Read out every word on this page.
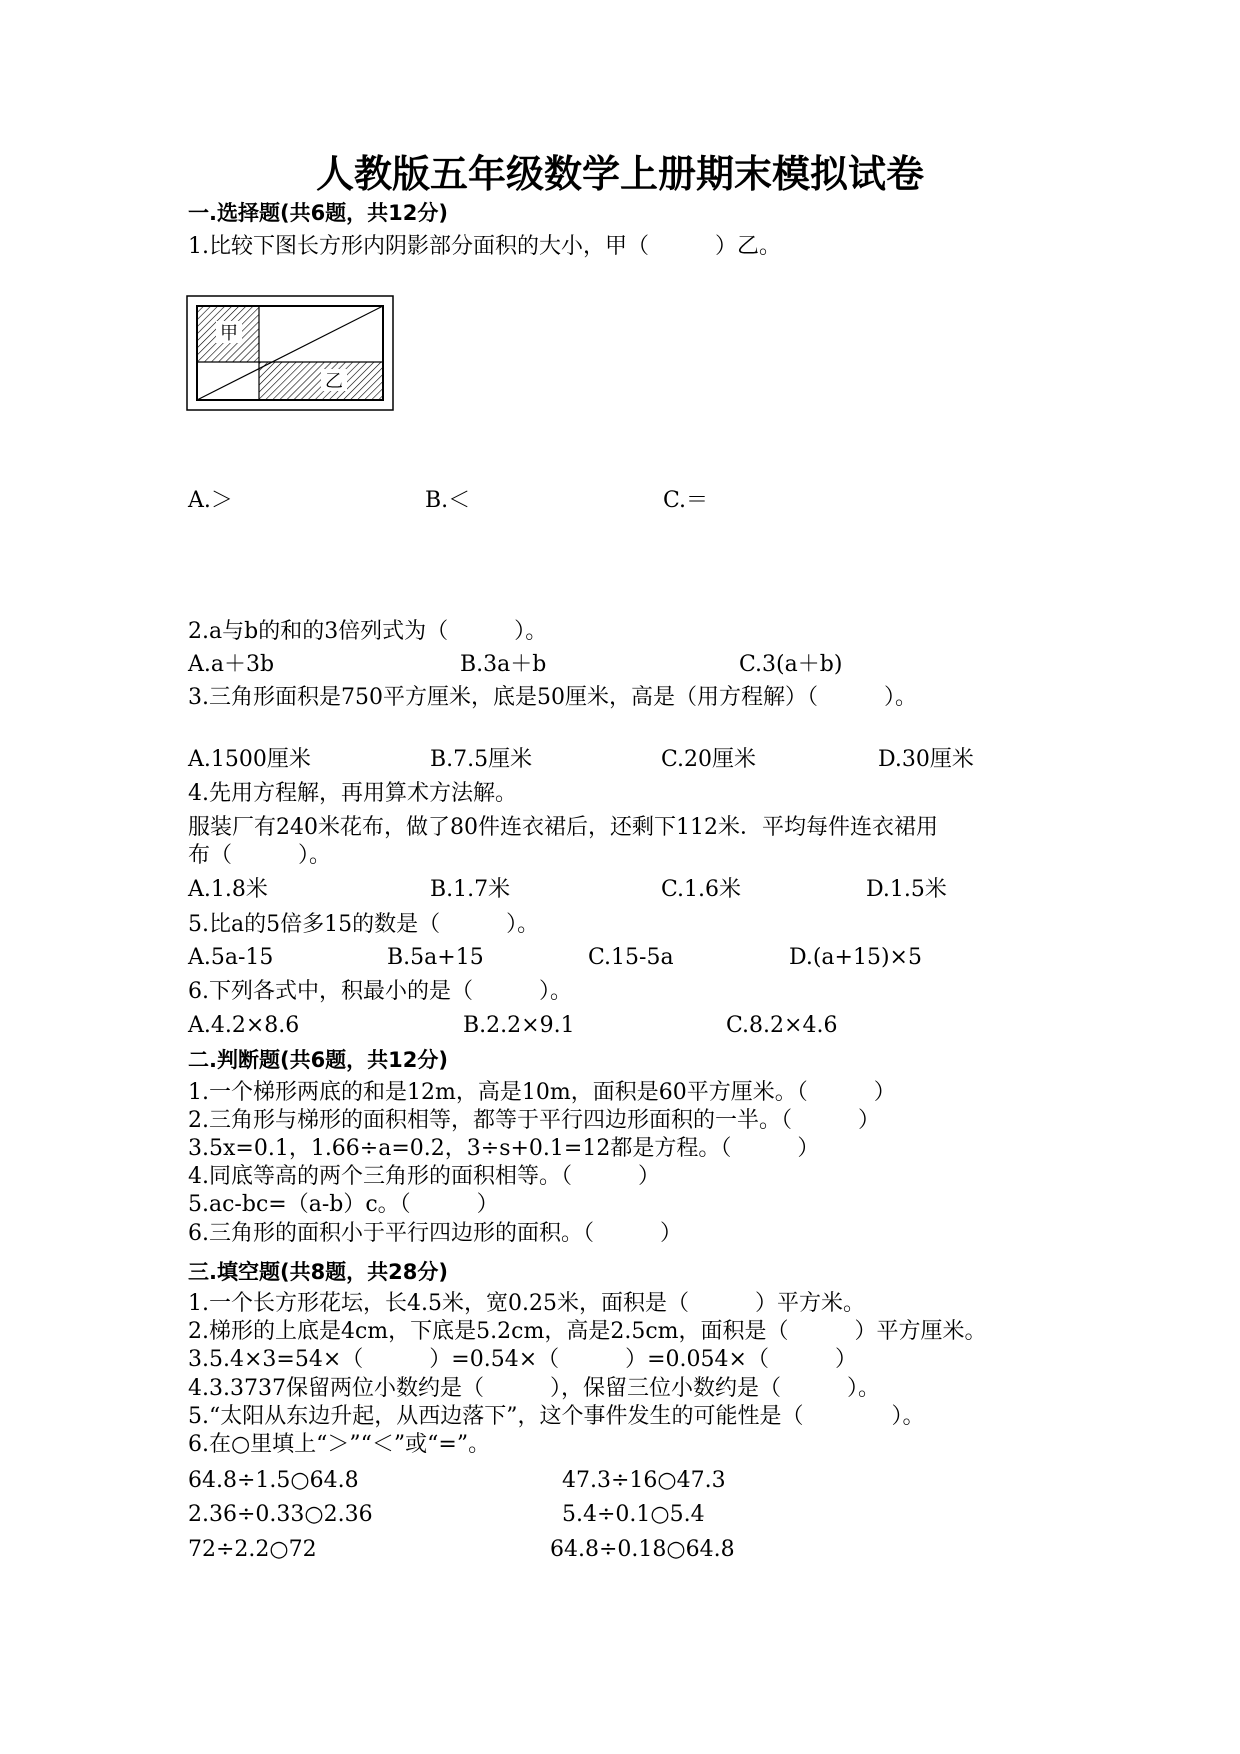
人教版五年级数学上册期末模拟试卷
一.选择题(共6题，共12分)
1.比较下图长方形内阴影部分面积的大小，甲（　　　）乙。
甲
乙
A.＞	B.＜	C.＝
2.a与b的和的3倍列式为（　　　）。
A.a＋3b	B.3a＋b	C.3(a＋b)
3.三角形面积是750平方厘米，底是50厘米，高是（用方程解）（　　　）。
A.1500厘米	B.7.5厘米	C.20厘米	D.30厘米
4.先用方程解，再用算术方法解。
服装厂有240米花布，做了80件连衣裙后，还剩下112米．平均每件连衣裙用
布（　　　）。
A.1.8米	B.1.7米	C.1.6米	D.1.5米
5.比a的5倍多15的数是（　　　）。
A.5a-15	B.5a+15	C.15-5a	D.(a+15)×5
6.下列各式中，积最小的是（　　　）。
A.4.2×8.6	B.2.2×9.1	C.8.2×4.6
二.判断题(共6题，共12分)
1.一个梯形两底的和是12m，高是10m，面积是60平方厘米。（　　　）
2.三角形与梯形的面积相等，都等于平行四边形面积的一半。（　　　）
3.5x=0.1，1.66÷a=0.2，3÷s+0.1=12都是方程。（　　　）
4.同底等高的两个三角形的面积相等。（　　　）
5.ac-bc=（a-b）c。（　　　）
6.三角形的面积小于平行四边形的面积。（　　　）
三.填空题(共8题，共28分)
1.一个长方形花坛，长4.5米，宽0.25米，面积是（　　　）平方米。
2.梯形的上底是4cm，下底是5.2cm，高是2.5cm，面积是（　　　）平方厘米。
3.5.4×3=54×（　　　）=0.54×（　　　）=0.054×（　　　）
4.3.3737保留两位小数约是（　　　），保留三位小数约是（　　　）。
5.“太阳从东边升起，从西边落下”，这个事件发生的可能性是（　　　　）。
6.在○里填上“＞”“＜”或“=”。
64.8÷1.5○64.8	47.3÷16○47.3
2.36÷0.33○2.36	5.4÷0.1○5.4
72÷2.2○72	64.8÷0.18○64.8
